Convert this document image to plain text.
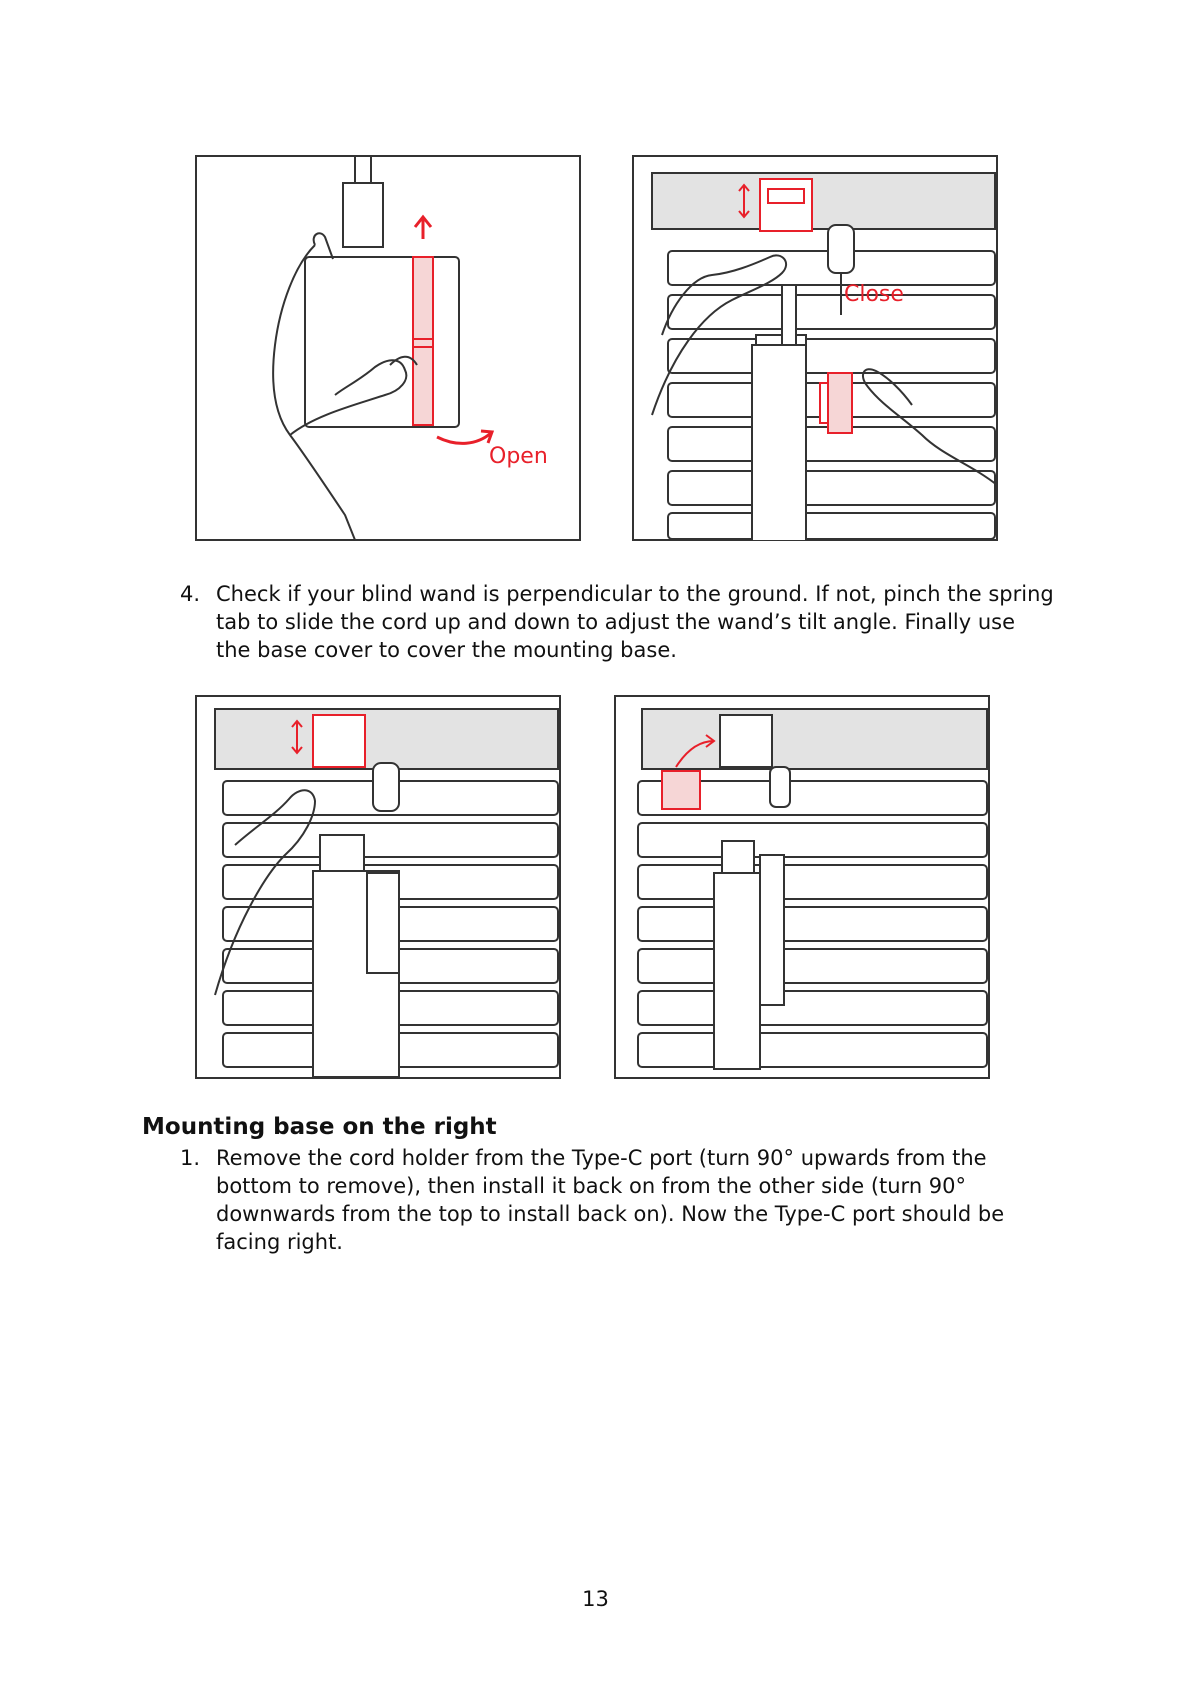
Open
Close
4. Check if your blind wand is perpendicular to the ground. If not, pinch the spring tab to slide the cord up and down to adjust the wand’s tilt angle. Finally use the base cover to cover the mounting base.
Mounting base on the right
1. Remove the cord holder from the Type-C port (turn 90° upwards from the bottom to remove), then install it back on from the other side (turn 90° downwards from the top to install back on). Now the Type-C port should be facing right.
13
